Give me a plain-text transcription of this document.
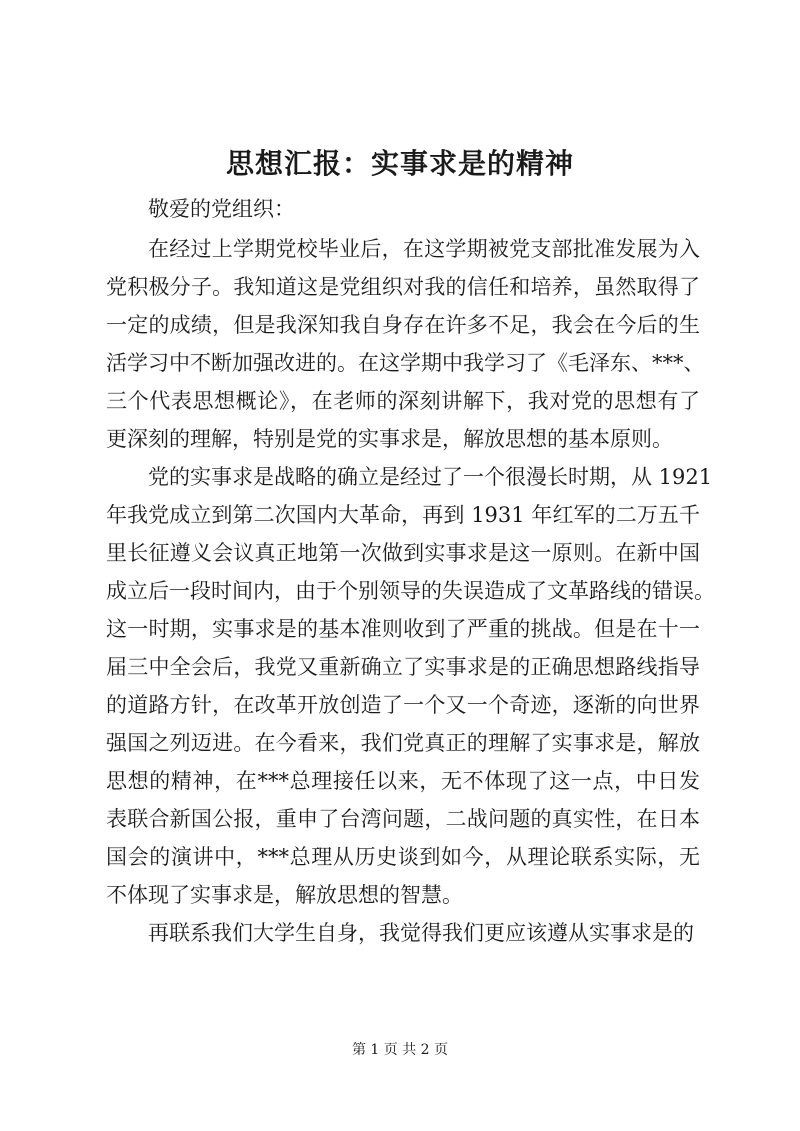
思想汇报：实事求是的精神

敬爱的党组织：

在经过上学期党校毕业后，在这学期被党支部批准发展为入

党积极分子。我知道这是党组织对我的信任和培养，虽然取得了

一定的成绩，但是我深知我自身存在许多不足，我会在今后的生

活学习中不断加强改进的。在这学期中我学习了《毛泽东、***、

三个代表思想概论》，在老师的深刻讲解下，我对党的思想有了

更深刻的理解，特别是党的实事求是，解放思想的基本原则。

党的实事求是战略的确立是经过了一个很漫长时期，从 1921

年我党成立到第二次国内大革命，再到 1931 年红军的二万五千

里长征遵义会议真正地第一次做到实事求是这一原则。在新中国

成立后一段时间内，由于个别领导的失误造成了文革路线的错误。

这一时期，实事求是的基本准则收到了严重的挑战。但是在十一

届三中全会后，我党又重新确立了实事求是的正确思想路线指导

的道路方针，在改革开放创造了一个又一个奇迹，逐渐的向世界

强国之列迈进。在今看来，我们党真正的理解了实事求是，解放

思想的精神，在***总理接任以来，无不体现了这一点，中日发

表联合新国公报，重申了台湾问题，二战问题的真实性，在日本

国会的演讲中，***总理从历史谈到如今，从理论联系实际，无

不体现了实事求是，解放思想的智慧。

再联系我们大学生自身，我觉得我们更应该遵从实事求是的

第 1 页 共 2 页
